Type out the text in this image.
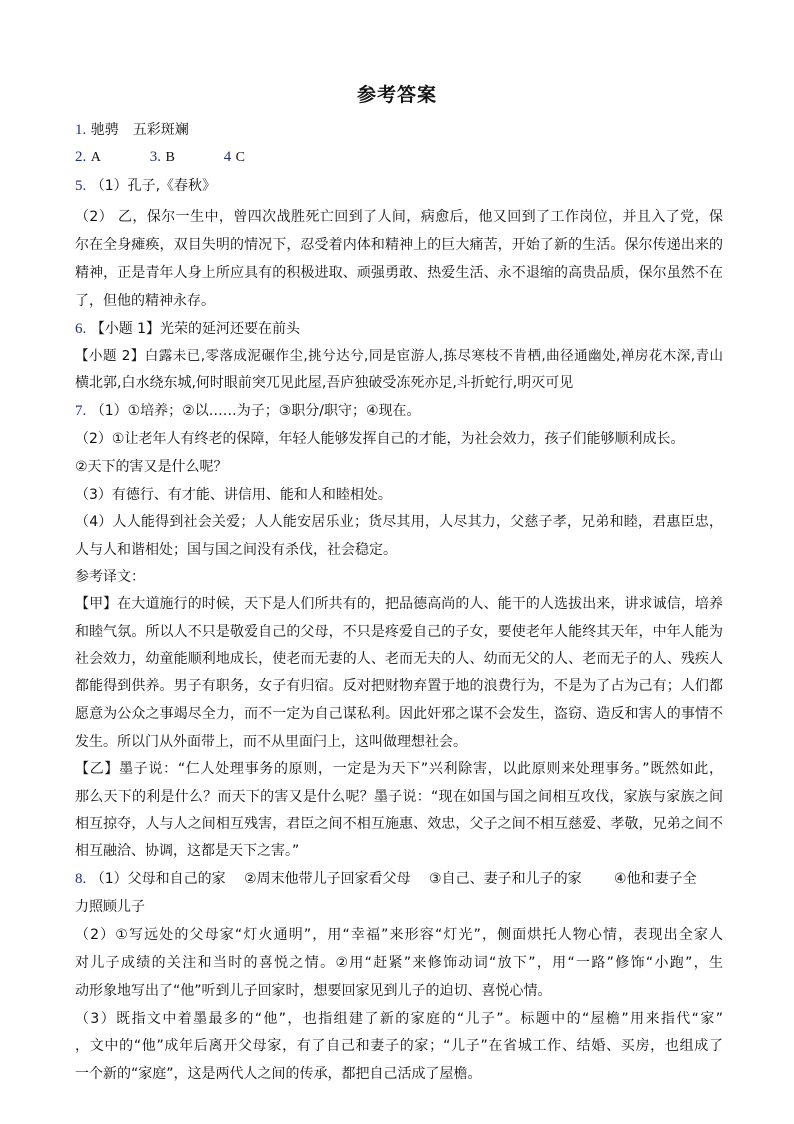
参考答案
1. 驰骋　五彩斑斓
2. A	3. B	4 C
5. （1）孔子,《春秋》
（2） 乙，保尔一生中，曾四次战胜死亡回到了人间，病愈后，他又回到了工作岗位，并且入了党，保
尔在全身瘫痪，双目失明的情况下，忍受着内体和精神上的巨大痛苦，开始了新的生活。保尔传递出来的
精神，正是青年人身上所应具有的积极进取、顽强勇敢、热爱生活、永不退缩的高贵品质，保尔虽然不在
了，但他的精神永存。
6. 【小题 1】光荣的延河还要在前头
【小题 2】白露未已,零落成泥碾作尘,挑兮达兮,同是宦游人,拣尽寒枝不肯栖,曲径通幽处,禅房花木深,青山
横北郭,白水绕东城,何时眼前突兀见此屋,吾庐独破受冻死亦足,斗折蛇行,明灭可见
7. （1）①培养；②以……为子；③职分/职守；④现在。
（2）①让老年人有终老的保障，年轻人能够发挥自己的才能，为社会效力，孩子们能够顺利成长。
②天下的害又是什么呢？
（3）有德行、有才能、讲信用、能和人和睦相处。
（4）人人能得到社会关爱；人人能安居乐业；货尽其用，人尽其力，父慈子孝，兄弟和睦，君惠臣忠，
人与人和谐相处；国与国之间没有杀伐，社会稳定。
参考译文：
【甲】在大道施行的时候，天下是人们所共有的，把品德高尚的人、能干的人选拔出来，讲求诚信，培养
和睦气氛。所以人不只是敬爱自己的父母，不只是疼爱自己的子女，要使老年人能终其天年，中年人能为
社会效力，幼童能顺利地成长，使老而无妻的人、老而无夫的人、幼而无父的人、老而无子的人、残疾人
都能得到供养。男子有职务，女子有归宿。反对把财物弃置于地的浪费行为，不是为了占为己有；人们都
愿意为公众之事竭尽全力，而不一定为自己谋私利。因此奸邪之谋不会发生，盗窃、造反和害人的事情不
发生。所以门从外面带上，而不从里面闩上，这叫做理想社会。
【乙】墨子说：“仁人处理事务的原则，一定是为天下”兴利除害，以此原则来处理事务。”既然如此，
那么天下的利是什么？而天下的害又是什么呢？墨子说：“现在如国与国之间相互攻伐，家族与家族之间
相互掠夺，人与人之间相互残害，君臣之间不相互施惠、效忠，父子之间不相互慈爱、孝敬，兄弟之间不
相互融洽、协调，这都是天下之害。”
8. （1）父母和自己的家　 ②周末他带儿子回家看父母　 ③自己、妻子和儿子的家　　 ④他和妻子全
力照顾儿子
（2）①写远处的父母家“灯火通明”，用“幸福”来形容“灯光”，侧面烘托人物心情，表现出全家人
对儿子成绩的关注和当时的喜悦之情。②用“赶紧”来修饰动词“放下”，用“一路”修饰“小跑”，生
动形象地写出了“他”听到儿子回家时，想要回家见到儿子的迫切、喜悦心情。
（3）既指文中着墨最多的“他”，也指组建了新的家庭的“儿子”。标题中的“屋檐”用来指代“家”
，文中的“他”成年后离开父母家，有了自己和妻子的家；“儿子”在省城工作、结婚、买房，也组成了
一个新的“家庭”，这是两代人之间的传承，都把自己活成了屋檐。
